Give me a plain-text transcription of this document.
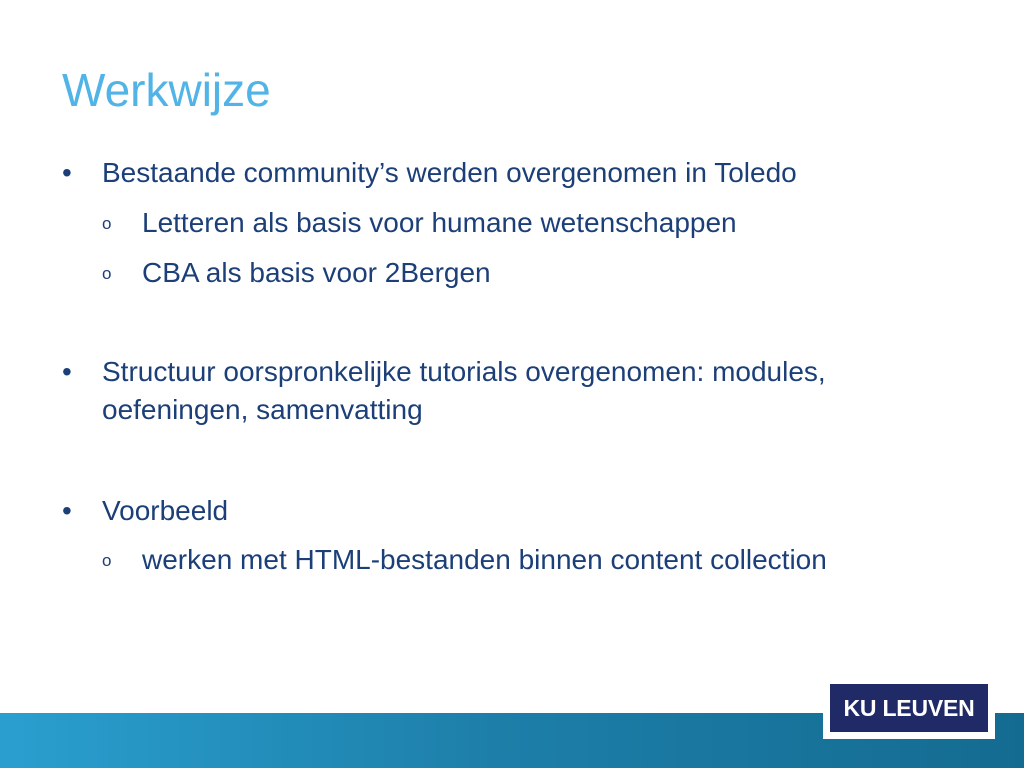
Werkwijze
•	Bestaande community’s werden overgenomen in Toledo
o	Letteren als basis voor humane wetenschappen
o	CBA als basis voor 2Bergen
•	Structuur oorspronkelijke tutorials overgenomen: modules,
oefeningen, samenvatting
•	Voorbeeld
o	werken met HTML-bestanden binnen content collection
KU LEUVEN
